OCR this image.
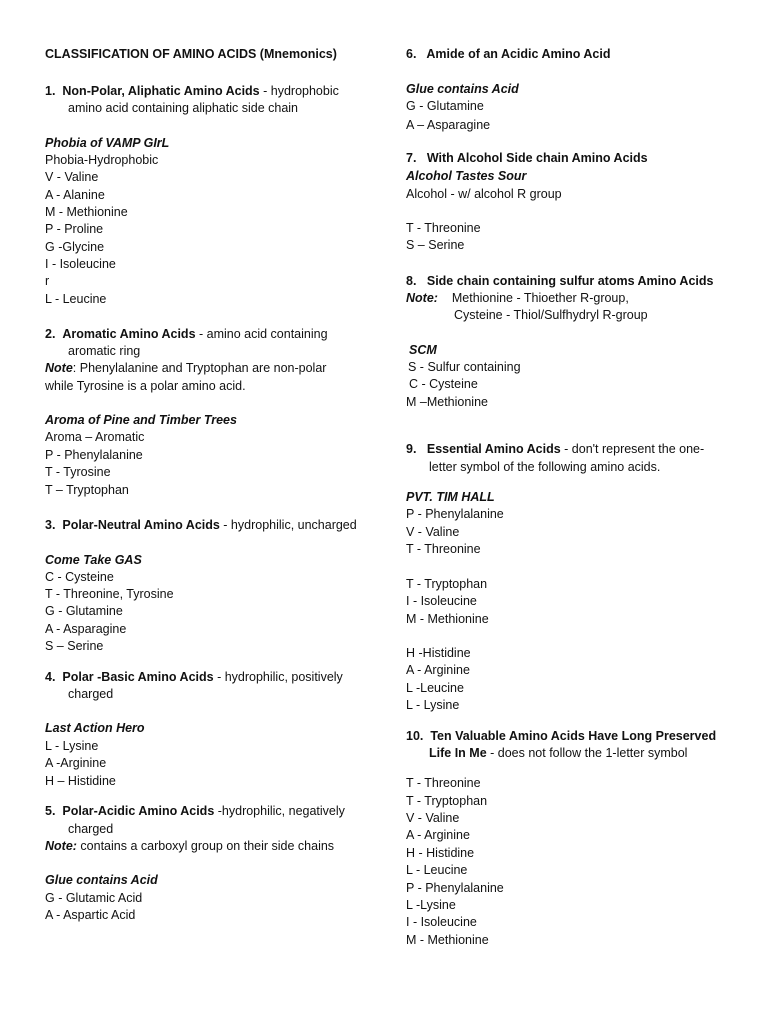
CLASSIFICATION OF AMINO ACIDS (Mnemonics)
1. Non-Polar, Aliphatic Amino Acids - hydrophobic
amino acid containing aliphatic side chain
Phobia of VAMP GIrL
Phobia-Hydrophobic
V - Valine
A - Alanine
M - Methionine
P - Proline
G -Glycine
I - Isoleucine
r
L - Leucine
2. Aromatic Amino Acids - amino acid containing
aromatic ring
Note: Phenylalanine and Tryptophan are non-polar
while Tyrosine is a polar amino acid.
Aroma of Pine and Timber Trees
Aroma – Aromatic
P - Phenylalanine
T - Tyrosine
T – Tryptophan
3. Polar-Neutral Amino Acids - hydrophilic, uncharged
Come Take GAS
C - Cysteine
T - Threonine, Tyrosine
G - Glutamine
A - Asparagine
S – Serine
4. Polar -Basic Amino Acids - hydrophilic, positively
charged
Last Action Hero
L - Lysine
A -Arginine
H – Histidine
5. Polar-Acidic Amino Acids -hydrophilic, negatively
charged
Note: contains a carboxyl group on their side chains
Glue contains Acid
G - Glutamic Acid
A - Aspartic Acid
6. Amide of an Acidic Amino Acid
Glue contains Acid
G - Glutamine
A – Asparagine
7. With Alcohol Side chain Amino Acids
Alcohol Tastes Sour
Alcohol - w/ alcohol R group
T - Threonine
S – Serine
8. Side chain containing sulfur atoms Amino Acids
Note: Methionine - Thioether R-group,
Cysteine - Thiol/Sulfhydryl R-group
SCM
S - Sulfur containing
C - Cysteine
M –Methionine
9. Essential Amino Acids - don't represent the one-
letter symbol of the following amino acids.
PVT. TIM HALL
P - Phenylalanine
V - Valine
T - Threonine
T - Tryptophan
I - Isoleucine
M - Methionine
H -Histidine
A - Arginine
L -Leucine
L - Lysine
10. Ten Valuable Amino Acids Have Long Preserved
Life In Me - does not follow the 1-letter symbol
T - Threonine
T - Tryptophan
V - Valine
A - Arginine
H - Histidine
L - Leucine
P - Phenylalanine
L -Lysine
I - Isoleucine
M - Methionine
